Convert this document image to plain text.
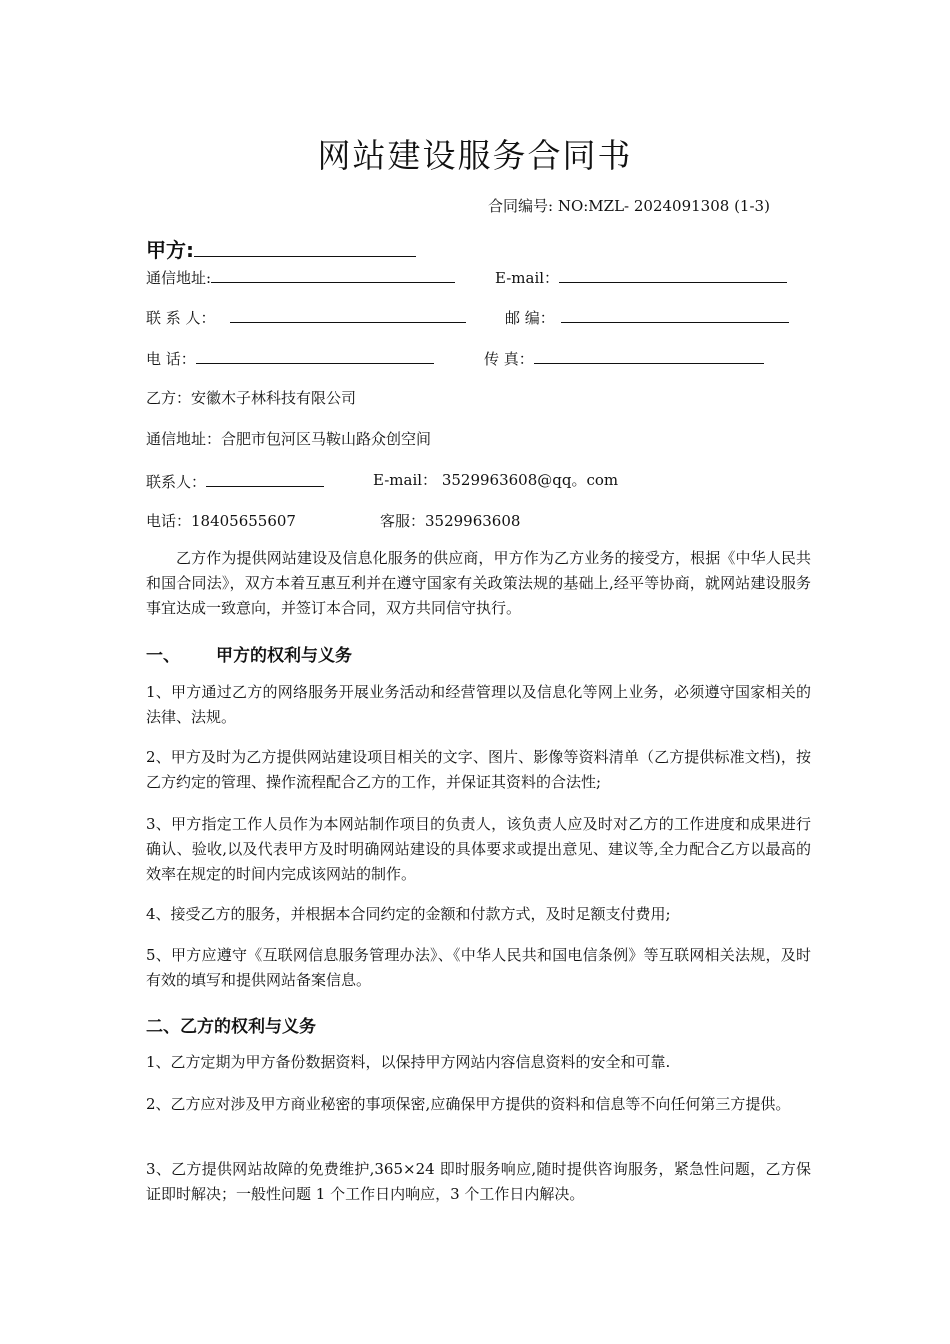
网站建设服务合同书
合同编号: NO:MZL- 2024091308 (1-3)
甲方:
通信地址:	E-mail：
联 系 人：	邮 编：
电 话：	传 真：
乙方：安徽木子林科技有限公司
通信地址：合肥市包河区马鞍山路众创空间
联系人：	E-mail： 3529963608@qq。com
电话：18405655607	客服：3529963608
乙方作为提供网站建设及信息化服务的供应商，甲方作为乙方业务的接受方，根据《中华人民共和国合同法》，双方本着互惠互利并在遵守国家有关政策法规的基础上,经平等协商，就网站建设服务事宜达成一致意向，并签订本合同，双方共同信守执行。
一、 甲方的权利与义务
1、甲方通过乙方的网络服务开展业务活动和经营管理以及信息化等网上业务，必须遵守国家相关的法律、法规。
2、甲方及时为乙方提供网站建设项目相关的文字、图片、影像等资料清单（乙方提供标准文档)，按乙方约定的管理、操作流程配合乙方的工作，并保证其资料的合法性;
3、甲方指定工作人员作为本网站制作项目的负责人，该负责人应及时对乙方的工作进度和成果进行确认、验收,以及代表甲方及时明确网站建设的具体要求或提出意见、建议等,全力配合乙方以最高的效率在规定的时间内完成该网站的制作。
4、接受乙方的服务，并根据本合同约定的金额和付款方式，及时足额支付费用;
5、甲方应遵守《互联网信息服务管理办法》、《中华人民共和国电信条例》等互联网相关法规，及时有效的填写和提供网站备案信息。
二、乙方的权利与义务
1、乙方定期为甲方备份数据资料，以保持甲方网站内容信息资料的安全和可靠.
2、乙方应对涉及甲方商业秘密的事项保密,应确保甲方提供的资料和信息等不向任何第三方提供。
3、乙方提供网站故障的免费维护,365×24 即时服务响应,随时提供咨询服务，紧急性问题，乙方保证即时解决；一般性问题 1 个工作日内响应，3 个工作日内解决。
